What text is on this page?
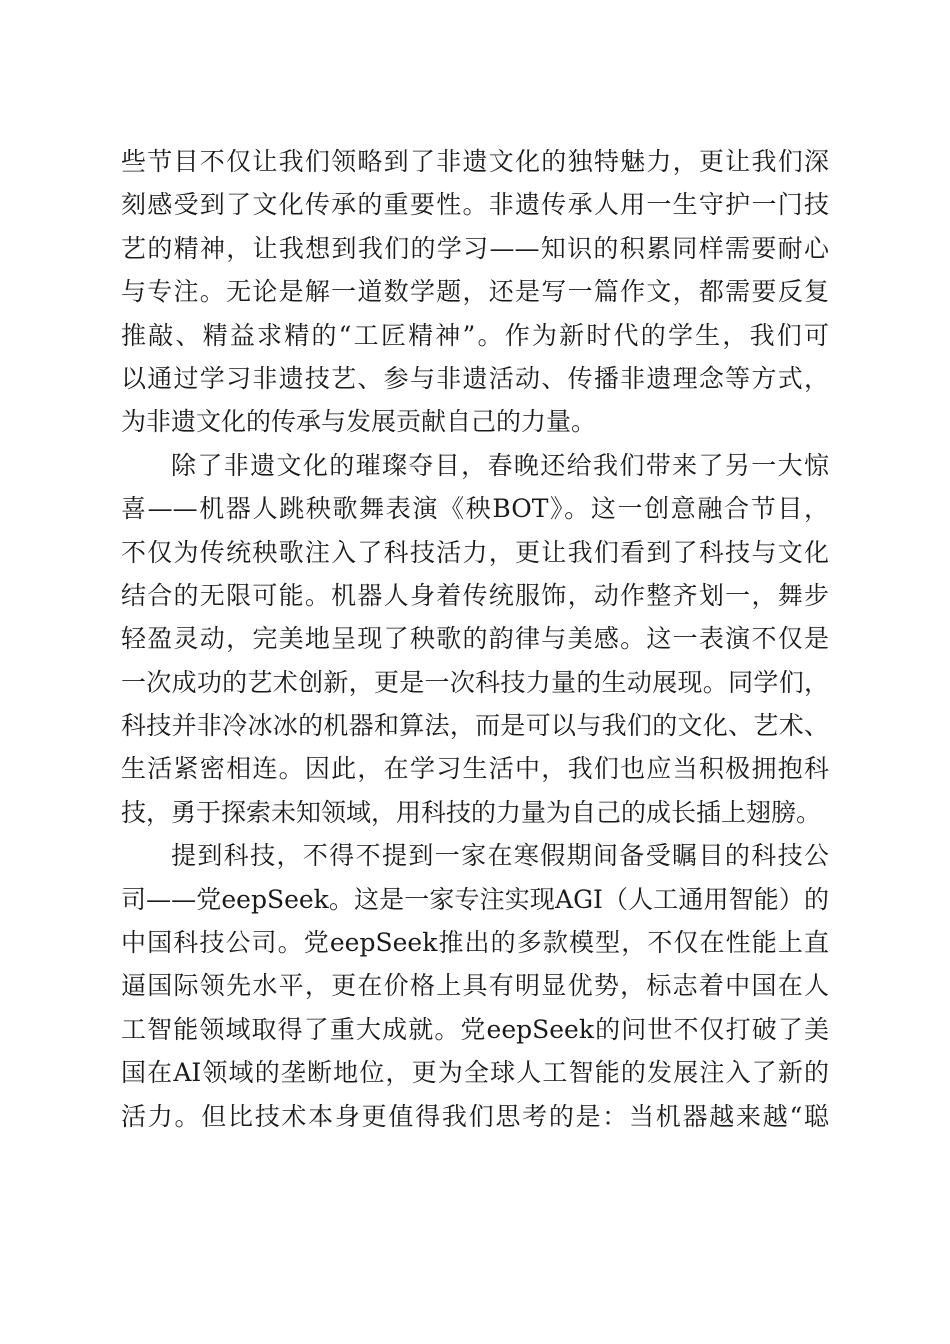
些节目不仅让我们领略到了非遗文化的独特魅力，更让我们深
刻感受到了文化传承的重要性。非遗传承人用一生守护一门技
艺的精神，让我想到我们的学习——知识的积累同样需要耐心
与专注。无论是解一道数学题，还是写一篇作文，都需要反复
推敲、精益求精的“工匠精神”。作为新时代的学生，我们可
以通过学习非遗技艺、参与非遗活动、传播非遗理念等方式，
为非遗文化的传承与发展贡献自己的力量。
除了非遗文化的璀璨夺目，春晚还给我们带来了另一大惊
喜——机器人跳秧歌舞表演《秧BOT》。这一创意融合节目，
不仅为传统秧歌注入了科技活力，更让我们看到了科技与文化
结合的无限可能。机器人身着传统服饰，动作整齐划一，舞步
轻盈灵动，完美地呈现了秧歌的韵律与美感。这一表演不仅是
一次成功的艺术创新，更是一次科技力量的生动展现。同学们，
科技并非冷冰冰的机器和算法，而是可以与我们的文化、艺术、
生活紧密相连。因此，在学习生活中，我们也应当积极拥抱科
技，勇于探索未知领域，用科技的力量为自己的成长插上翅膀。
提到科技，不得不提到一家在寒假期间备受瞩目的科技公
司——党eepSeek。这是一家专注实现AGI（人工通用智能）的
中国科技公司。党eepSeek推出的多款模型，不仅在性能上直
逼国际领先水平，更在价格上具有明显优势，标志着中国在人
工智能领域取得了重大成就。党eepSeek的问世不仅打破了美
国在AI领域的垄断地位，更为全球人工智能的发展注入了新的
活力。但比技术本身更值得我们思考的是：当机器越来越“聪
